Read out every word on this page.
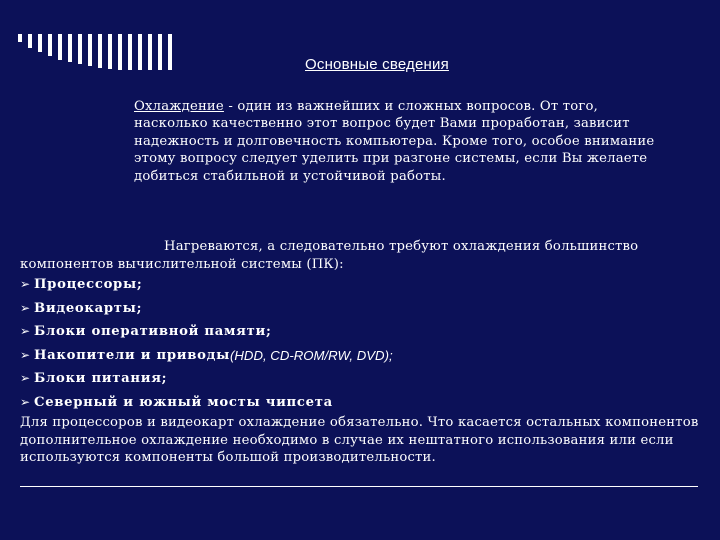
Основные сведения
Охлаждение - один из важнейших и сложных вопросов. От того, насколько качественно этот вопрос будет Вами проработан, зависит надежность и долговечность компьютера. Кроме того, особое внимание этому вопросу следует уделить при разгоне системы, если Вы желаете добиться стабильной и устойчивой работы.

Нагреваются, а следовательно требуют охлаждения большинство компонентов вычислительной системы (ПК):

➢ Процессоры;
➢ Видеокарты;
➢ Блоки оперативной памяти;
➢ Накопители и приводы (HDD, CD-ROM/RW, DVD);
➢ Блоки питания;
➢ Северный и южный мосты чипсета

Для процессоров и видеокарт охлаждение обязательно. Что касается остальных компонентов дополнительное охлаждение необходимо в случае их нештатного использования или если используются компоненты большой производительности.
